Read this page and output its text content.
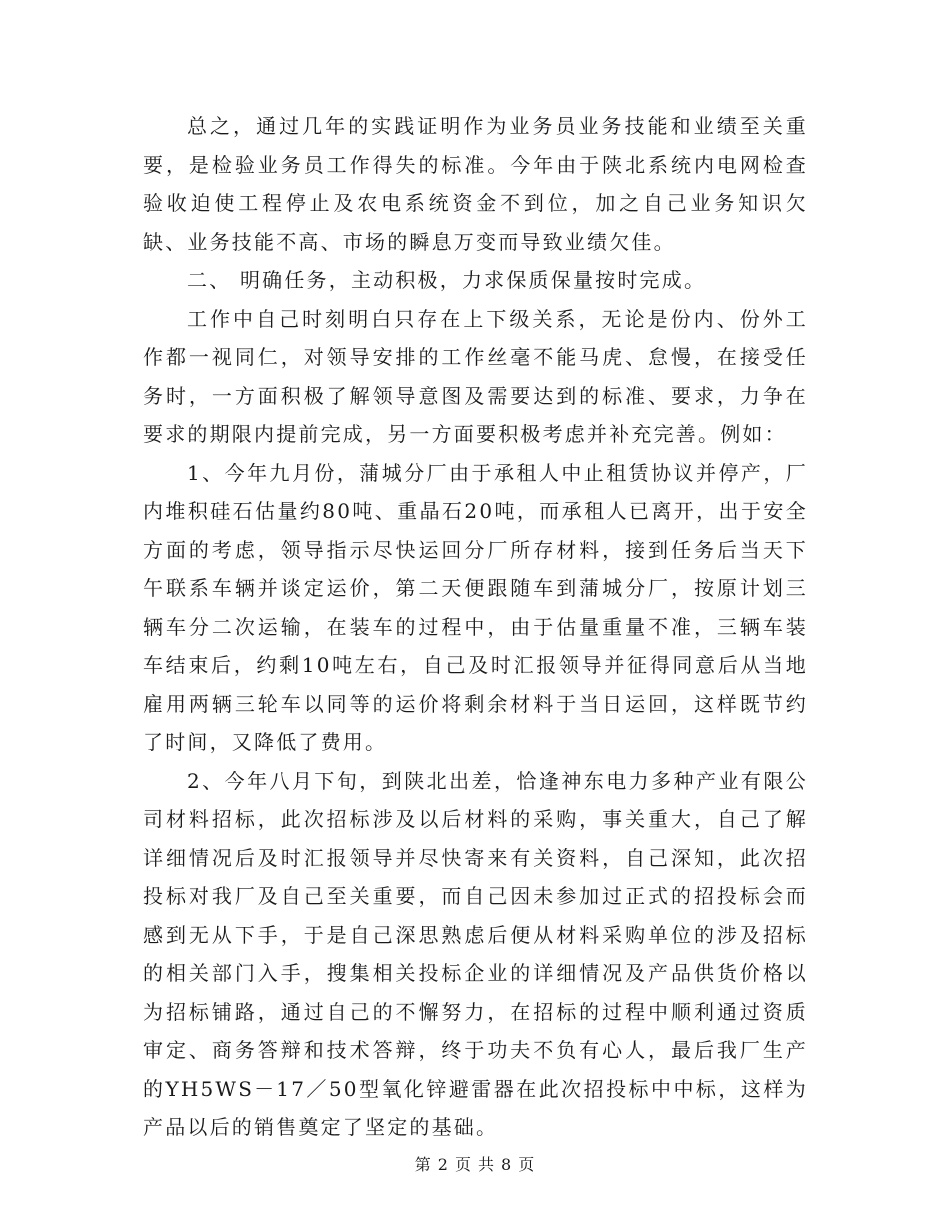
总之，通过几年的实践证明作为业务员业务技能和业绩至关重要，是检验业务员工作得失的标准。今年由于陕北系统内电网检查验收迫使工程停止及农电系统资金不到位，加之自己业务知识欠缺、业务技能不高、市场的瞬息万变而导致业绩欠佳。

二、 明确任务，主动积极，力求保质保量按时完成。

工作中自己时刻明白只存在上下级关系，无论是份内、份外工作都一视同仁，对领导安排的工作丝毫不能马虎、怠慢，在接受任务时，一方面积极了解领导意图及需要达到的标准、要求，力争在要求的期限内提前完成，另一方面要积极考虑并补充完善。例如：

1、今年九月份，蒲城分厂由于承租人中止租赁协议并停产，厂内堆积硅石估量约80吨、重晶石20吨，而承租人已离开，出于安全方面的考虑，领导指示尽快运回分厂所存材料，接到任务后当天下午联系车辆并谈定运价，第二天便跟随车到蒲城分厂，按原计划三辆车分二次运输，在装车的过程中，由于估量重量不准，三辆车装车结束后，约剩10吨左右，自己及时汇报领导并征得同意后从当地雇用两辆三轮车以同等的运价将剩余材料于当日运回，这样既节约了时间，又降低了费用。

2、今年八月下旬，到陕北出差，恰逢神东电力多种产业有限公司材料招标，此次招标涉及以后材料的采购，事关重大，自己了解详细情况后及时汇报领导并尽快寄来有关资料，自己深知，此次招投标对我厂及自己至关重要，而自己因未参加过正式的招投标会而感到无从下手，于是自己深思熟虑后便从材料采购单位的涉及招标的相关部门入手，搜集相关投标企业的详细情况及产品供货价格以为招标铺路，通过自己的不懈努力，在招标的过程中顺利通过资质审定、商务答辩和技术答辩，终于功夫不负有心人，最后我厂生产的YH5WS－17／50型氧化锌避雷器在此次招投标中中标，这样为产品以后的销售奠定了坚定的基础。

第 2 页 共 8 页
